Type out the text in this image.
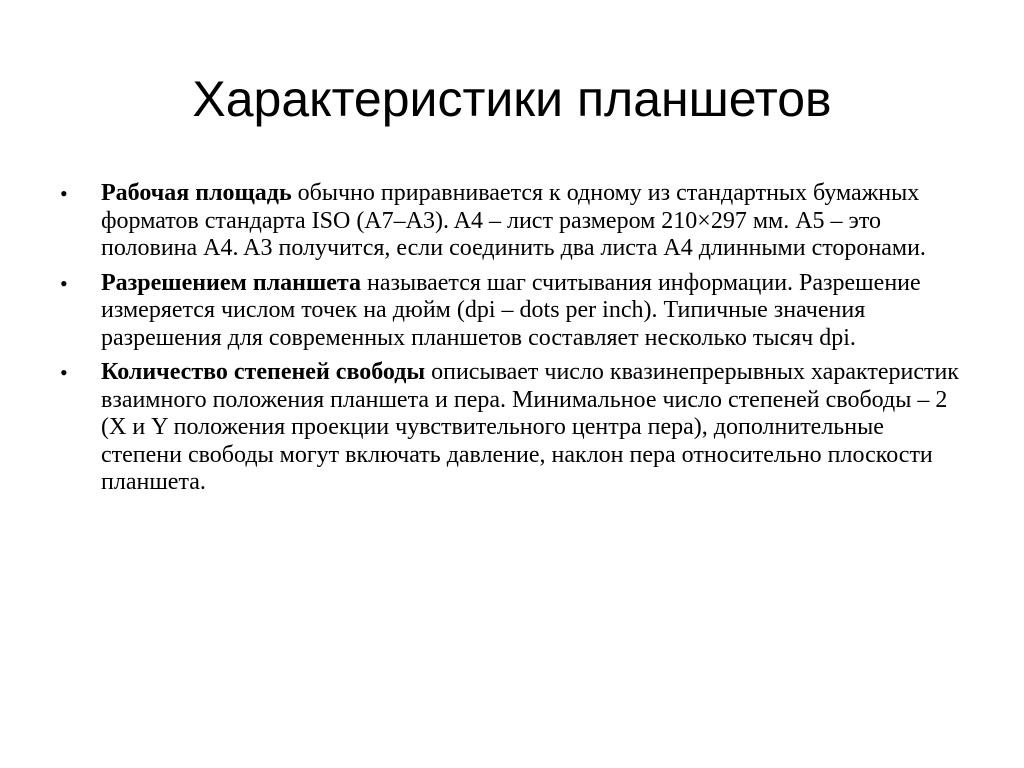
Характеристики планшетов
•	Рабочая площадь обычно приравнивается к одному из стандартных бумажных форматов стандарта ISO (A7–A3). A4 – лист размером 210×297 мм. A5 – это половина A4. A3 получится, если соединить два листа A4 длинными сторонами.
•	Разрешением планшета называется шаг считывания информации. Разрешение измеряется числом точек на дюйм (dpi – dots per inch). Типичные значения разрешения для современных планшетов составляет несколько тысяч dpi.
•	Количество степеней свободы описывает число квазинепрерывных характеристик взаимного положения планшета и пера. Минимальное число степеней свободы – 2 (X и Y положения проекции чувствительного центра пера), дополнительные степени свободы могут включать давление, наклон пера относительно плоскости планшета.
